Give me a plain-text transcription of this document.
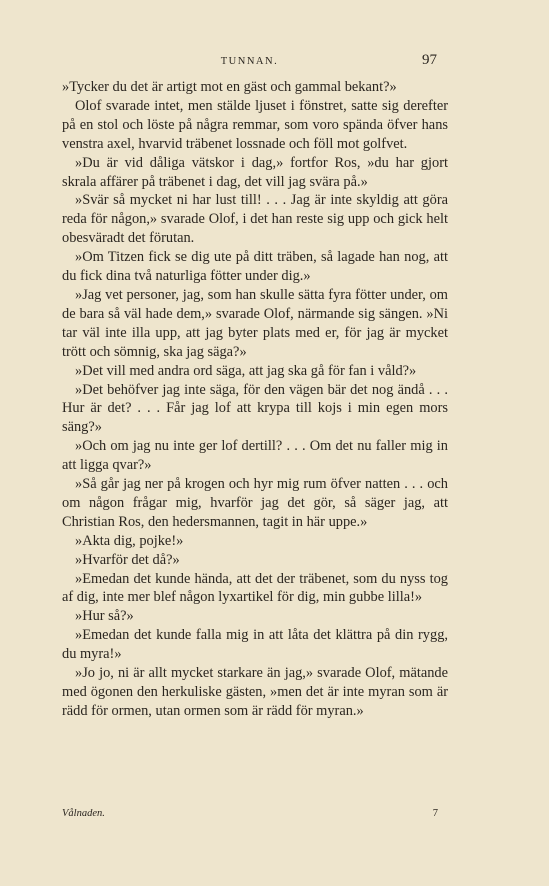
TUNNAN.	97

»Tycker du det är artigt mot en gäst och gammal bekant?»

Olof svarade intet, men stälde ljuset i fönstret, satte sig derefter på en stol och löste på några remmar, som voro spända öfver hans venstra axel, hvarvid träbenet lossnade och föll mot golfvet.

»Du är vid dåliga vätskor i dag,» fortfor Ros, »du har gjort skrala affärer på träbenet i dag, det vill jag svära på.»

»Svär så mycket ni har lust till! . . . Jag är inte skyldig att göra reda för någon,» svarade Olof, i det han reste sig upp och gick helt obesväradt det förutan.

»Om Titzen fick se dig ute på ditt träben, så lagade han nog, att du fick dina två naturliga fötter under dig.»

»Jag vet personer, jag, som han skulle sätta fyra fötter under, om de bara så väl hade dem,» svarade Olof, närmande sig sängen. »Ni tar väl inte illa upp, att jag byter plats med er, för jag är mycket trött och sömnig, ska jag säga?»

»Det vill med andra ord säga, att jag ska gå för fan i våld?»

»Det behöfver jag inte säga, för den vägen bär det nog ändå . . . Hur är det? . . . Får jag lof att krypa till kojs i min egen mors säng?»

»Och om jag nu inte ger lof dertill? . . . Om det nu faller mig in att ligga qvar?»

»Så går jag ner på krogen och hyr mig rum öfver natten . . . och om någon frågar mig, hvarför jag det gör, så säger jag, att Christian Ros, den hedersmannen, tagit in här uppe.»

»Akta dig, pojke!»

»Hvarför det då?»

»Emedan det kunde hända, att det der träbenet, som du nyss tog af dig, inte mer blef någon lyxartikel för dig, min gubbe lilla!»

»Hur så?»

»Emedan det kunde falla mig in att låta det klättra på din rygg, du myra!»

»Jo jo, ni är allt mycket starkare än jag,» svarade Olof, mätande med ögonen den herkuliske gästen, »men det är inte myran som är rädd för ormen, utan ormen som är rädd för myran.»

Vålnaden.	7
